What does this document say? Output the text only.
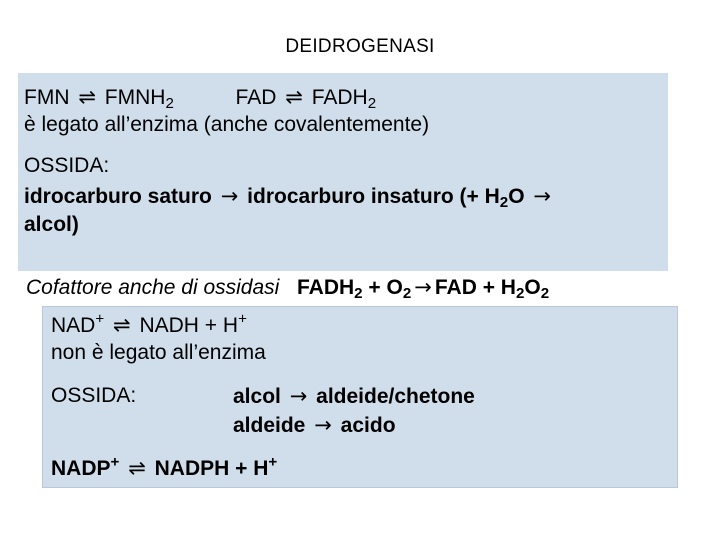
DEIDROGENASI
FMN ⇌ $FMNH_2$	FAD ⇌ $FADH_2$
è legato all’enzima (anche covalentemente)
OSSIDA:
idrocarburo saturo → idrocarburo insaturo (+ $H_2O$ →
alcol)
Cofattore anche di ossidasi $FADH_2 + O_2$ → FAD + $H_2O_2$
NAD+ ⇌ NADH + H+
non è legato all’enzima
OSSIDA:	alcol → aldeide/chetone
aldeide → acido
NADP+ ⇌ NADPH + H+
